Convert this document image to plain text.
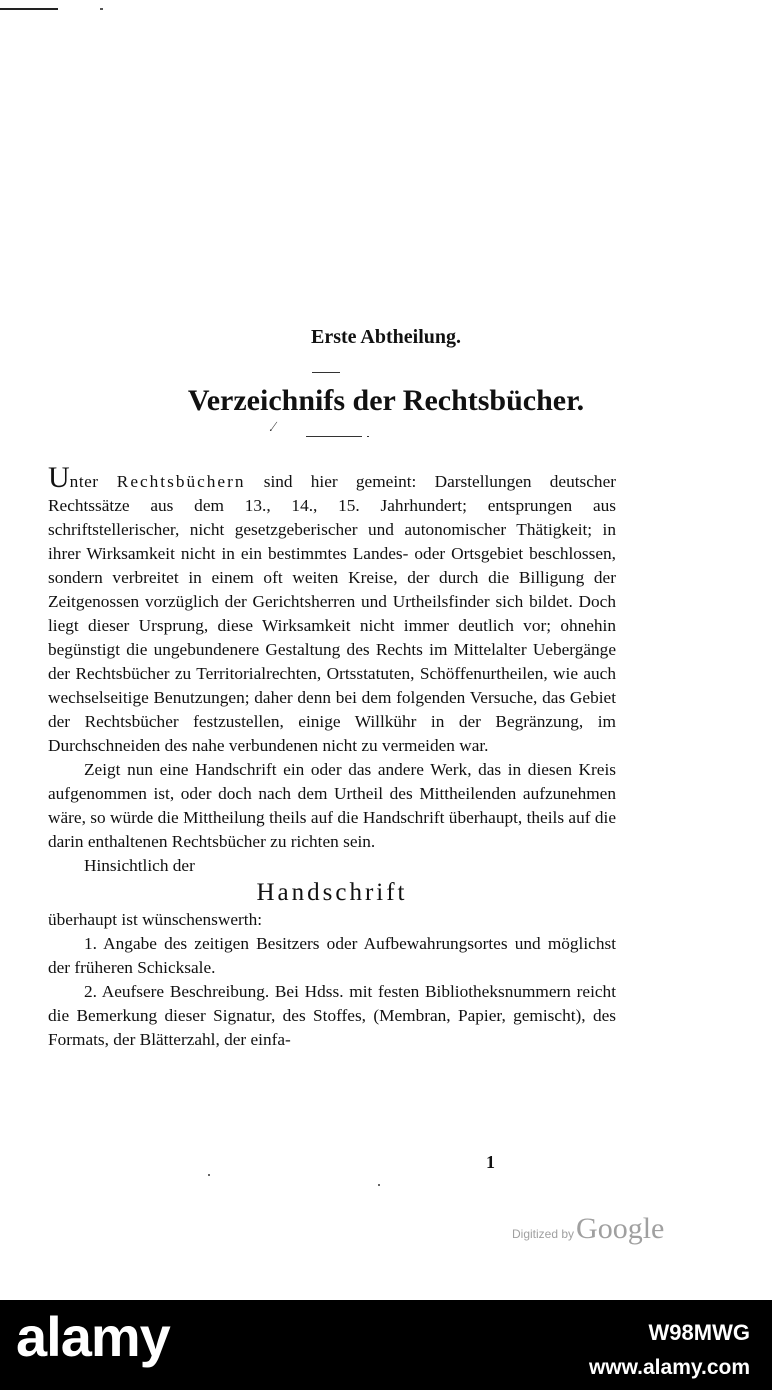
Erste Abtheilung.
Verzeichnifs der Rechtsbücher.
.∕

Unter Rechtsbüchern sind hier gemeint: Darstellungen deutscher Rechtssätze aus dem 13., 14., 15. Jahrhundert; entsprungen aus schriftstellerischer, nicht gesetzgeberischer und autonomischer Thätigkeit; in ihrer Wirksamkeit nicht in ein bestimmtes Landes- oder Ortsgebiet beschlossen, sondern verbreitet in einem oft weiten Kreise, der durch die Billigung der Zeitgenossen vorzüglich der Gerichtsherren und Urtheilsfinder sich bildet. Doch liegt dieser Ursprung, diese Wirksamkeit nicht immer deutlich vor; ohnehin begünstigt die ungebundenere Gestaltung des Rechts im Mittelalter Uebergänge der Rechtsbücher zu Territorialrechten, Ortsstatuten, Schöffenurtheilen, wie auch wechselseitige Benutzungen; daher denn bei dem folgenden Versuche, das Gebiet der Rechtsbücher festzustellen, einige Willkühr in der Begränzung, im Durchschneiden des nahe verbundenen nicht zu vermeiden war.

Zeigt nun eine Handschrift ein oder das andere Werk, das in diesen Kreis aufgenommen ist, oder doch nach dem Urtheil des Mittheilenden aufzunehmen wäre, so würde die Mittheilung theils auf die Handschrift überhaupt, theils auf die darin enthaltenen Rechtsbücher zu richten sein.

Hinsichtlich der

Handschrift

überhaupt ist wünschenswerth:

1. Angabe des zeitigen Besitzers oder Aufbewahrungsortes und möglichst der früheren Schicksale.

2. Aeufsere Beschreibung. Bei Hdss. mit festen Bibliotheksnummern reicht die Bemerkung dieser Signatur, des Stoffes, (Membran, Papier, gemischt), des Formats, der Blätterzahl, der einfa-

1
Digitized byGoogle
alamy	W98MWG
www.alamy.com
